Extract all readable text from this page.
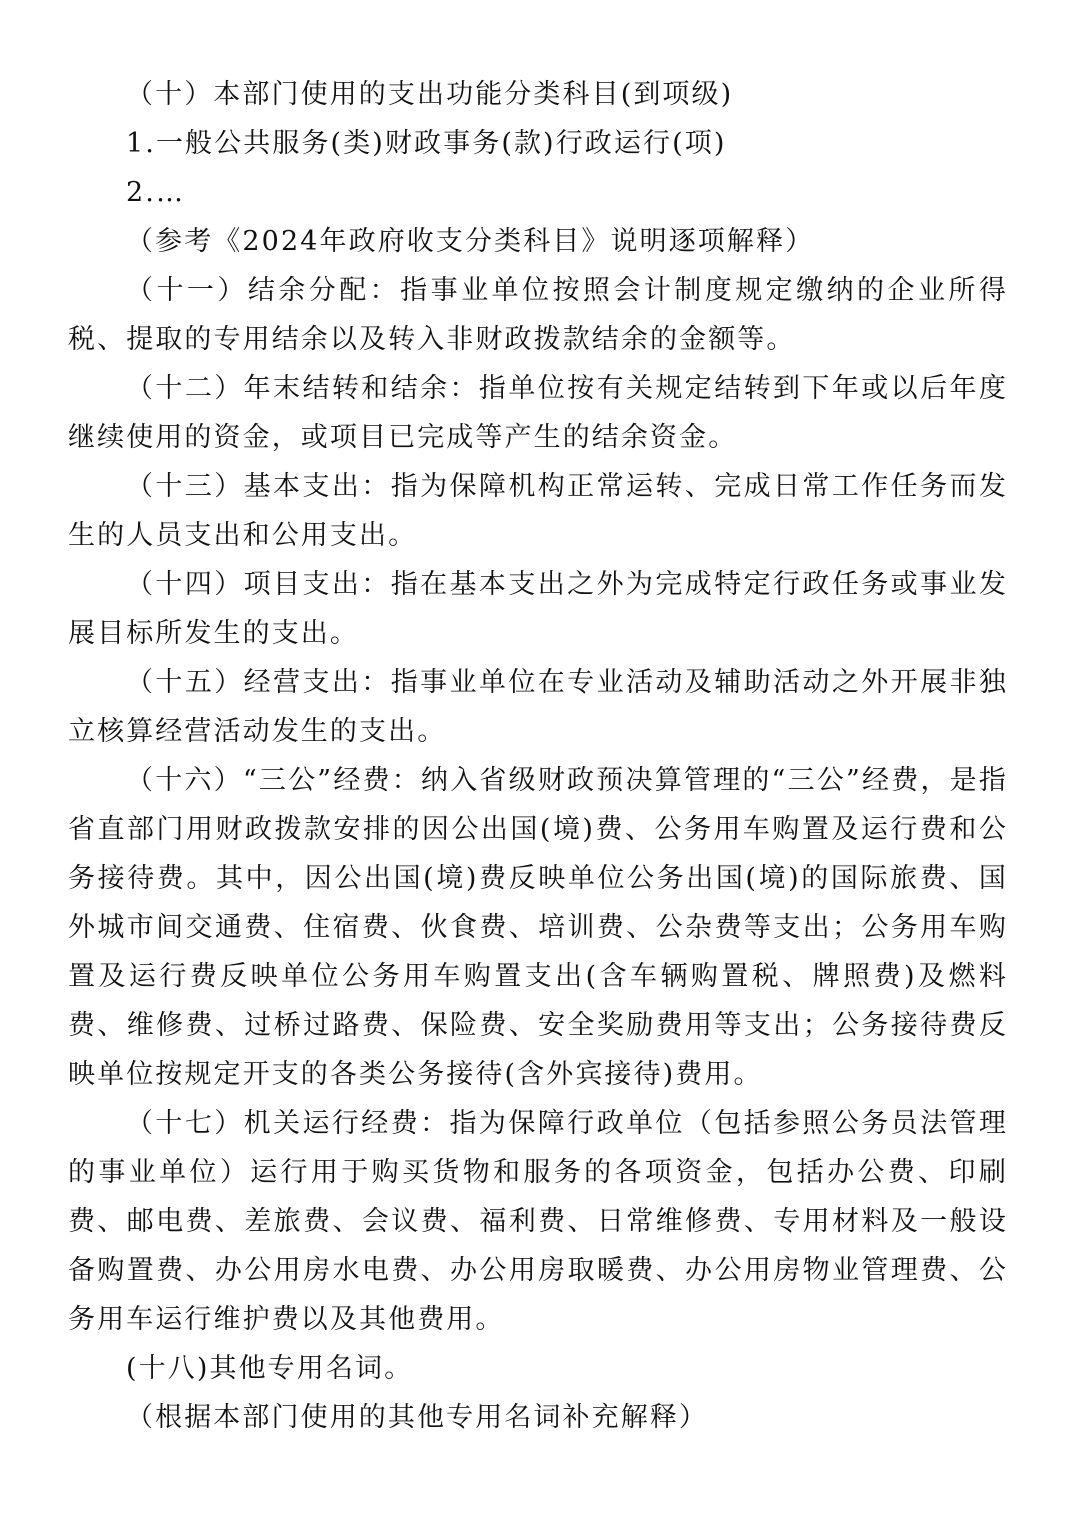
（十）本部门使用的支出功能分类科目(到项级)

1.一般公共服务(类)财政事务(款)行政运行(项)

2.…

（参考《2024年政府收支分类科目》说明逐项解释）

（十一）结余分配：指事业单位按照会计制度规定缴纳的企业所得税、提取的专用结余以及转入非财政拨款结余的金额等。

（十二）年末结转和结余：指单位按有关规定结转到下年或以后年度继续使用的资金，或项目已完成等产生的结余资金。

（十三）基本支出：指为保障机构正常运转、完成日常工作任务而发生的人员支出和公用支出。

（十四）项目支出：指在基本支出之外为完成特定行政任务或事业发展目标所发生的支出。

（十五）经营支出：指事业单位在专业活动及辅助活动之外开展非独立核算经营活动发生的支出。

（十六）“三公”经费：纳入省级财政预决算管理的“三公”经费，是指省直部门用财政拨款安排的因公出国(境)费、公务用车购置及运行费和公务接待费。其中，因公出国(境)费反映单位公务出国(境)的国际旅费、国外城市间交通费、住宿费、伙食费、培训费、公杂费等支出；公务用车购置及运行费反映单位公务用车购置支出(含车辆购置税、牌照费)及燃料费、维修费、过桥过路费、保险费、安全奖励费用等支出；公务接待费反映单位按规定开支的各类公务接待(含外宾接待)费用。

（十七）机关运行经费：指为保障行政单位（包括参照公务员法管理的事业单位）运行用于购买货物和服务的各项资金，包括办公费、印刷费、邮电费、差旅费、会议费、福利费、日常维修费、专用材料及一般设备购置费、办公用房水电费、办公用房取暖费、办公用房物业管理费、公务用车运行维护费以及其他费用。

(十八)其他专用名词。

（根据本部门使用的其他专用名词补充解释）
